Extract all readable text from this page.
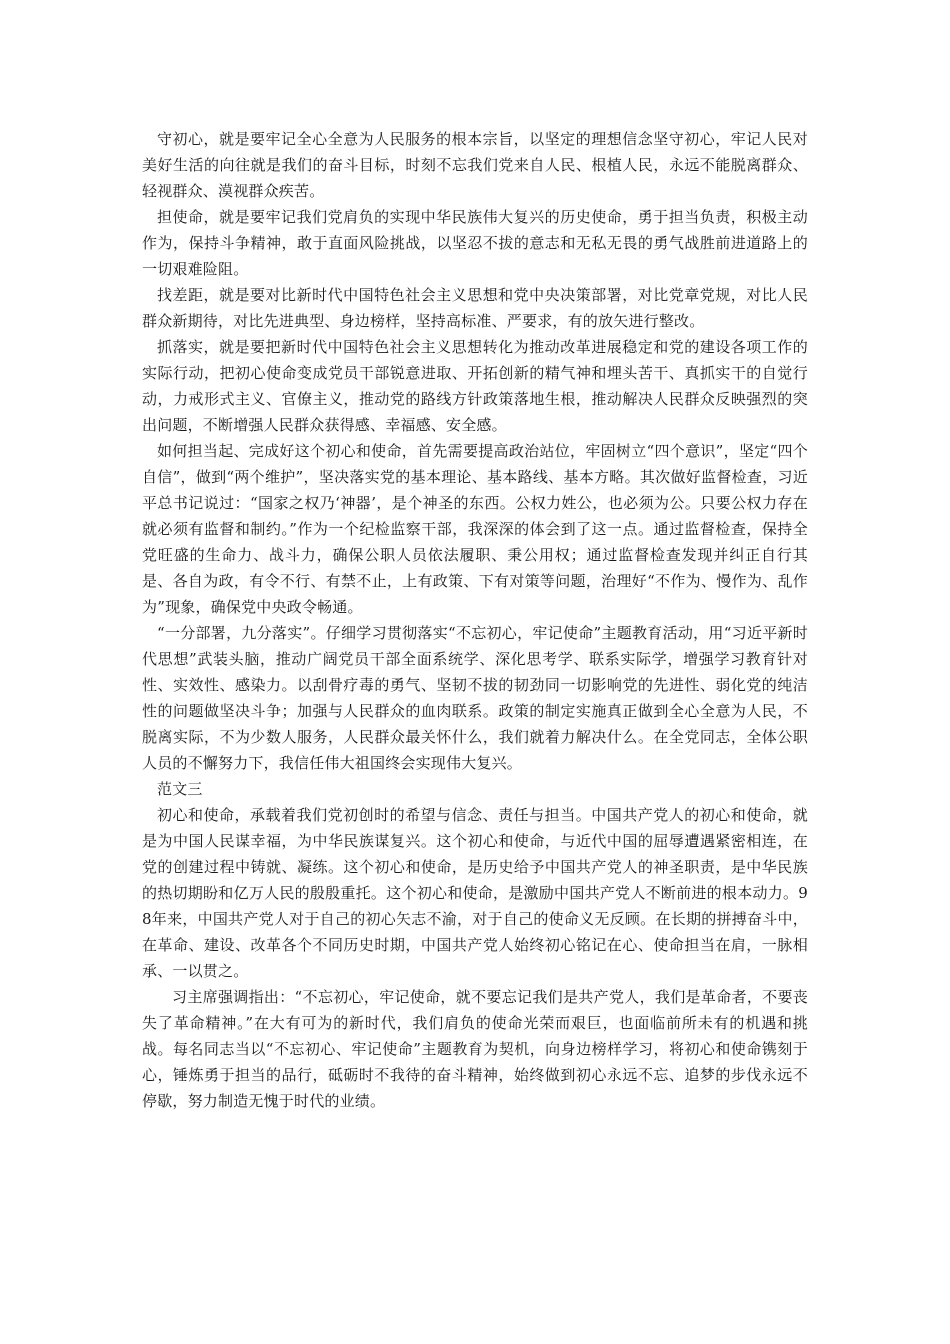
守初心，就是要牢记全心全意为人民服务的根本宗旨，以坚定的理想信念坚守初心，牢记人民对美好生活的向往就是我们的奋斗目标，时刻不忘我们党来自人民、根植人民，永远不能脱离群众、轻视群众、漠视群众疾苦。

担使命，就是要牢记我们党肩负的实现中华民族伟大复兴的历史使命，勇于担当负责，积极主动作为，保持斗争精神，敢于直面风险挑战，以坚忍不拔的意志和无私无畏的勇气战胜前进道路上的一切艰难险阻。

找差距，就是要对比新时代中国特色社会主义思想和党中央决策部署，对比党章党规，对比人民群众新期待，对比先进典型、身边榜样，坚持高标准、严要求，有的放矢进行整改。

抓落实，就是要把新时代中国特色社会主义思想转化为推动改革进展稳定和党的建设各项工作的实际行动，把初心使命变成党员干部锐意进取、开拓创新的精气神和埋头苦干、真抓实干的自觉行动，力戒形式主义、官僚主义，推动党的路线方针政策落地生根，推动解决人民群众反映强烈的突出问题，不断增强人民群众获得感、幸福感、安全感。

如何担当起、完成好这个初心和使命，首先需要提高政治站位，牢固树立“四个意识”，坚定“四个自信”，做到“两个维护”，坚决落实党的基本理论、基本路线、基本方略。其次做好监督检查，习近平总书记说过：“国家之权乃‘神器’，是个神圣的东西。公权力姓公，也必须为公。只要公权力存在就必须有监督和制约。”作为一个纪检监察干部，我深深的体会到了这一点。通过监督检查，保持全党旺盛的生命力、战斗力，确保公职人员依法履职、秉公用权；通过监督检查发现并纠正自行其是、各自为政，有令不行、有禁不止，上有政策、下有对策等问题，治理好“不作为、慢作为、乱作为”现象，确保党中央政令畅通。

“一分部署，九分落实”。仔细学习贯彻落实“不忘初心，牢记使命”主题教育活动，用“习近平新时代思想”武装头脑，推动广阔党员干部全面系统学、深化思考学、联系实际学，增强学习教育针对性、实效性、感染力。以刮骨疗毒的勇气、坚韧不拔的韧劲同一切影响党的先进性、弱化党的纯洁性的问题做坚决斗争；加强与人民群众的血肉联系。政策的制定实施真正做到全心全意为人民，不脱离实际，不为少数人服务，人民群众最关怀什么，我们就着力解决什么。在全党同志，全体公职人员的不懈努力下，我信任伟大祖国终会实现伟大复兴。

范文三

初心和使命，承载着我们党初创时的希望与信念、责任与担当。中国共产党人的初心和使命，就是为中国人民谋幸福，为中华民族谋复兴。这个初心和使命，与近代中国的屈辱遭遇紧密相连，在党的创建过程中铸就、凝练。这个初心和使命，是历史给予中国共产党人的神圣职责，是中华民族的热切期盼和亿万人民的殷殷重托。这个初心和使命，是激励中国共产党人不断前进的根本动力。98年来，中国共产党人对于自己的初心矢志不渝，对于自己的使命义无反顾。在长期的拼搏奋斗中，在革命、建设、改革各个不同历史时期，中国共产党人始终初心铭记在心、使命担当在肩，一脉相承、一以贯之。

习主席强调指出：“不忘初心，牢记使命，就不要忘记我们是共产党人，我们是革命者，不要丧失了革命精神。”在大有可为的新时代，我们肩负的使命光荣而艰巨，也面临前所未有的机遇和挑战。每名同志当以“不忘初心、牢记使命”主题教育为契机，向身边榜样学习，将初心和使命镌刻于心，锤炼勇于担当的品行，砥砺时不我待的奋斗精神，始终做到初心永远不忘、追梦的步伐永远不停歇，努力制造无愧于时代的业绩。
